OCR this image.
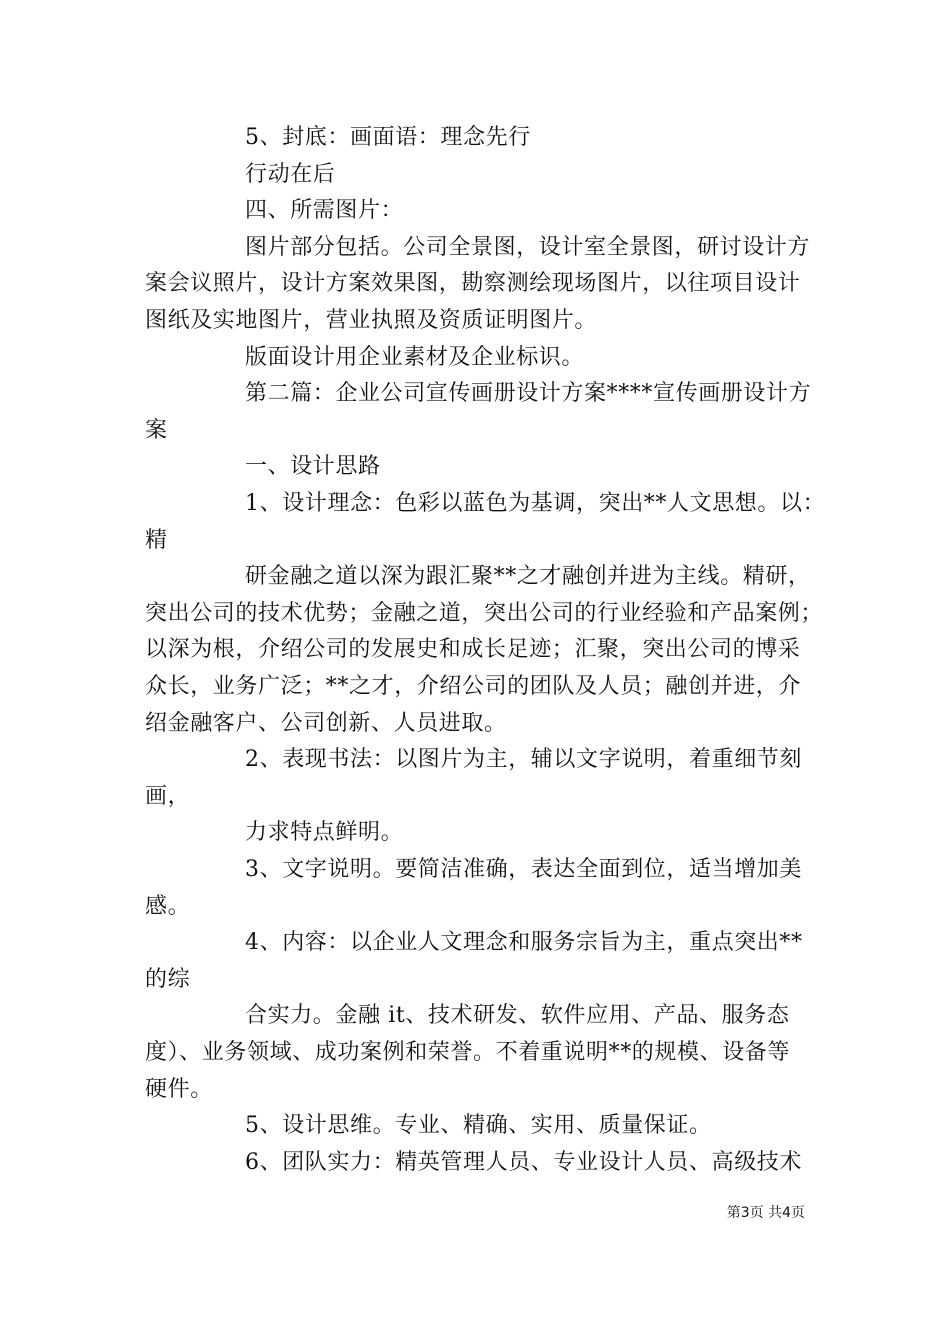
5、封底：画面语：理念先行
行动在后
四、所需图片：
图片部分包括。公司全景图，设计室全景图，研讨设计方
案会议照片，设计方案效果图，勘察测绘现场图片，以往项目设计
图纸及实地图片，营业执照及资质证明图片。
版面设计用企业素材及企业标识。
第二篇：企业公司宣传画册设计方案****宣传画册设计方
案
一、设计思路
1、设计理念：色彩以蓝色为基调，突出**人文思想。以：
精
研金融之道以深为跟汇聚**之才融创并进为主线。精研，
突出公司的技术优势；金融之道，突出公司的行业经验和产品案例；
以深为根，介绍公司的发展史和成长足迹；汇聚，突出公司的博采
众长，业务广泛；**之才，介绍公司的团队及人员；融创并进，介
绍金融客户、公司创新、人员进取。
2、表现书法：以图片为主，辅以文字说明，着重细节刻
画，
力求特点鲜明。
3、文字说明。要简洁准确，表达全面到位，适当增加美
感。
4、内容：以企业人文理念和服务宗旨为主，重点突出**
的综
合实力。金融 it、技术研发、软件应用、产品、服务态
度）、业务领域、成功案例和荣誉。不着重说明**的规模、设备等
硬件。
5、设计思维。专业、精确、实用、质量保证。
6、团队实力：精英管理人员、专业设计人员、高级技术
第3页 共4页
